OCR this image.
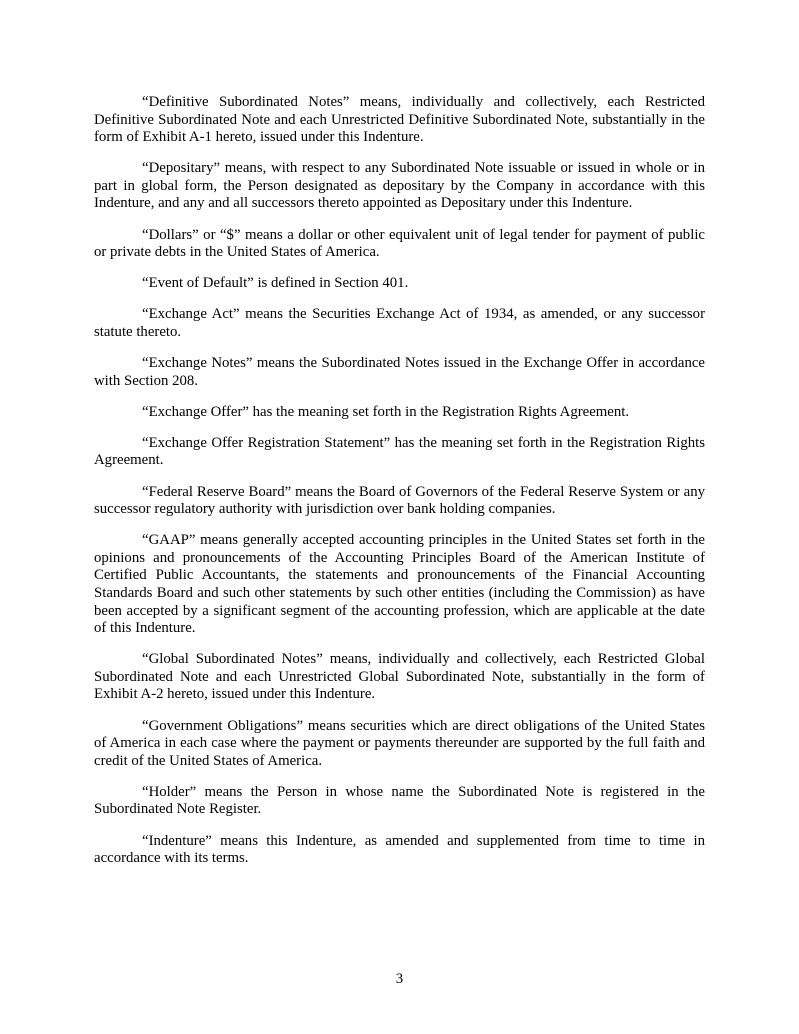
“Definitive Subordinated Notes” means, individually and collectively, each Restricted Definitive Subordinated Note and each Unrestricted Definitive Subordinated Note, substantially in the form of Exhibit A-1 hereto, issued under this Indenture.

“Depositary” means, with respect to any Subordinated Note issuable or issued in whole or in part in global form, the Person designated as depositary by the Company in accordance with this Indenture, and any and all successors thereto appointed as Depositary under this Indenture.

“Dollars” or “$” means a dollar or other equivalent unit of legal tender for payment of public or private debts in the United States of America.

“Event of Default” is defined in Section 401.

“Exchange Act” means the Securities Exchange Act of 1934, as amended, or any successor statute thereto.

“Exchange Notes” means the Subordinated Notes issued in the Exchange Offer in accordance with Section 208.

“Exchange Offer” has the meaning set forth in the Registration Rights Agreement.

“Exchange Offer Registration Statement” has the meaning set forth in the Registration Rights Agreement.

“Federal Reserve Board” means the Board of Governors of the Federal Reserve System or any successor regulatory authority with jurisdiction over bank holding companies.

“GAAP” means generally accepted accounting principles in the United States set forth in the opinions and pronouncements of the Accounting Principles Board of the American Institute of Certified Public Accountants, the statements and pronouncements of the Financial Accounting Standards Board and such other statements by such other entities (including the Commission) as have been accepted by a significant segment of the accounting profession, which are applicable at the date of this Indenture.

“Global Subordinated Notes” means, individually and collectively, each Restricted Global Subordinated Note and each Unrestricted Global Subordinated Note, substantially in the form of Exhibit A-2 hereto, issued under this Indenture.

“Government Obligations” means securities which are direct obligations of the United States of America in each case where the payment or payments thereunder are supported by the full faith and credit of the United States of America.

“Holder” means the Person in whose name the Subordinated Note is registered in the Subordinated Note Register.

“Indenture” means this Indenture, as amended and supplemented from time to time in accordance with its terms.

3
